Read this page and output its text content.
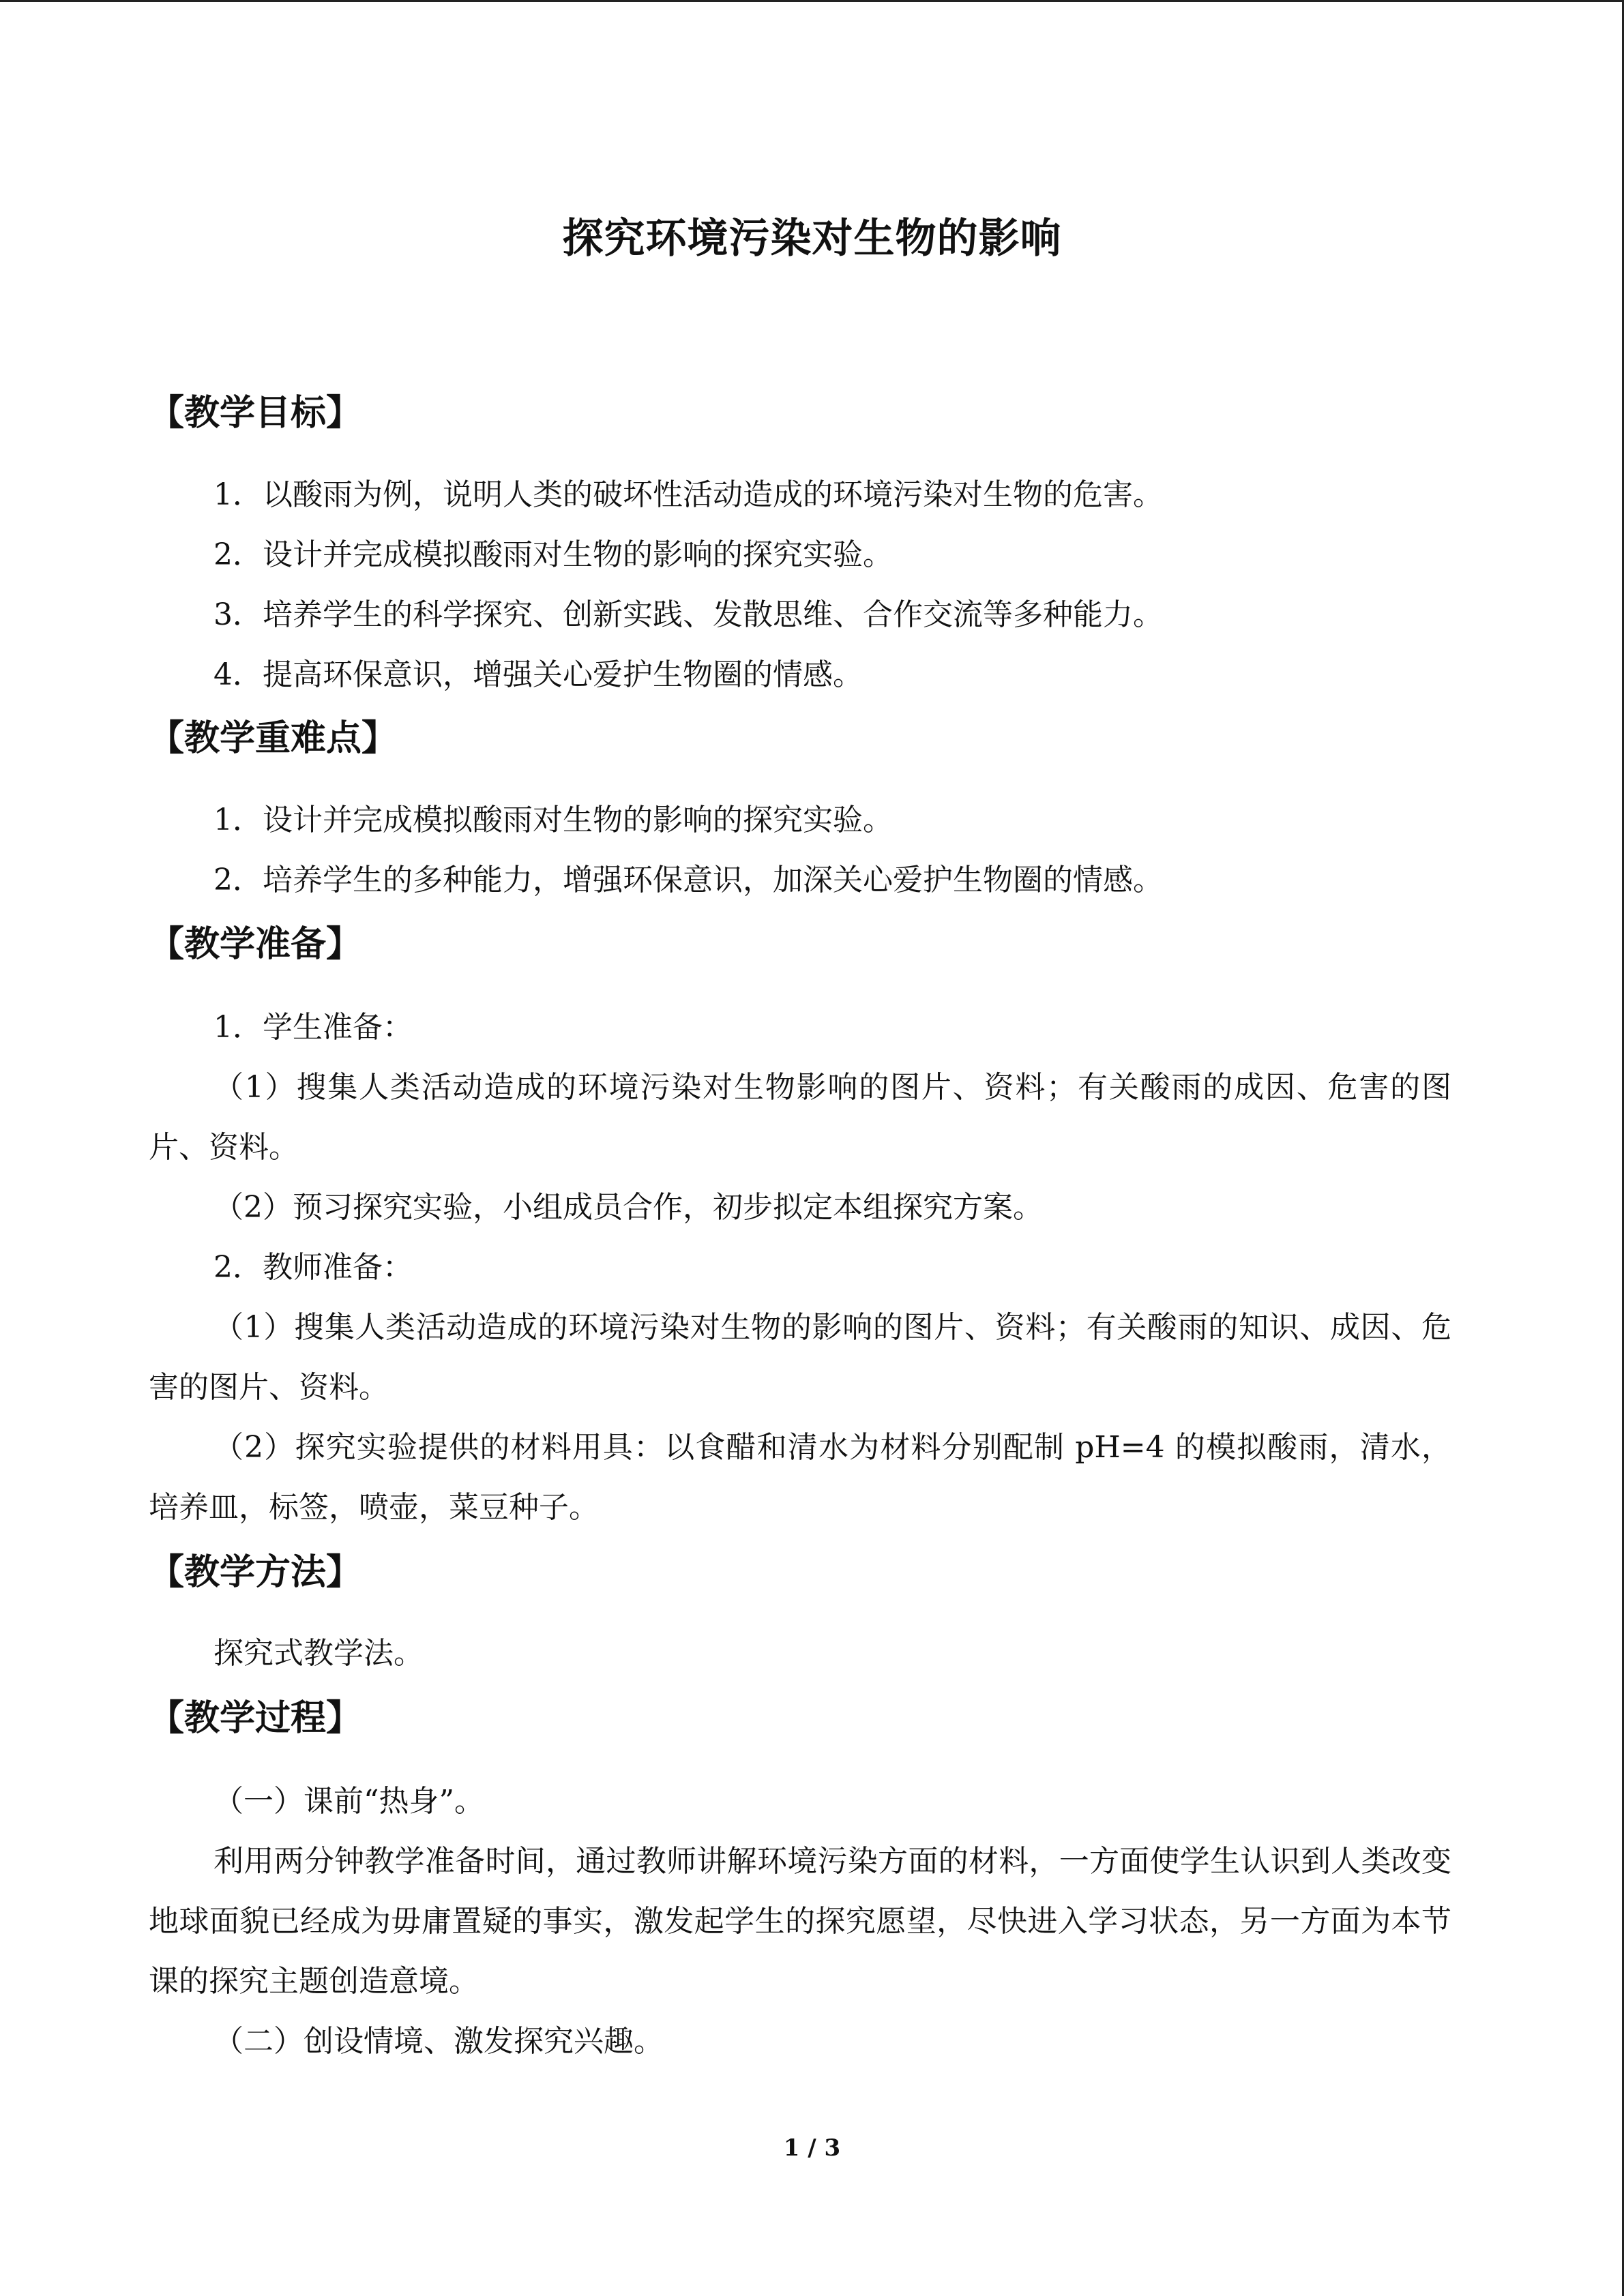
探究环境污染对生物的影响
【教学目标】
1．以酸雨为例，说明人类的破坏性活动造成的环境污染对生物的危害。
2．设计并完成模拟酸雨对生物的影响的探究实验。
3．培养学生的科学探究、创新实践、发散思维、合作交流等多种能力。
4．提高环保意识，增强关心爱护生物圈的情感。
【教学重难点】
1．设计并完成模拟酸雨对生物的影响的探究实验。
2．培养学生的多种能力，增强环保意识，加深关心爱护生物圈的情感。
【教学准备】
1．学生准备：
（1）搜集人类活动造成的环境污染对生物影响的图片、资料；有关酸雨的成因、危害的图片、资料。
（2）预习探究实验，小组成员合作，初步拟定本组探究方案。
2．教师准备：
（1）搜集人类活动造成的环境污染对生物的影响的图片、资料；有关酸雨的知识、成因、危害的图片、资料。
（2）探究实验提供的材料用具：以食醋和清水为材料分别配制 pH=4 的模拟酸雨，清水，培养皿，标签，喷壶，菜豆种子。
【教学方法】
探究式教学法。
【教学过程】
（一）课前“热身”。
利用两分钟教学准备时间，通过教师讲解环境污染方面的材料，一方面使学生认识到人类改变地球面貌已经成为毋庸置疑的事实，激发起学生的探究愿望，尽快进入学习状态，另一方面为本节课的探究主题创造意境。
（二）创设情境、激发探究兴趣。
1 / 3
